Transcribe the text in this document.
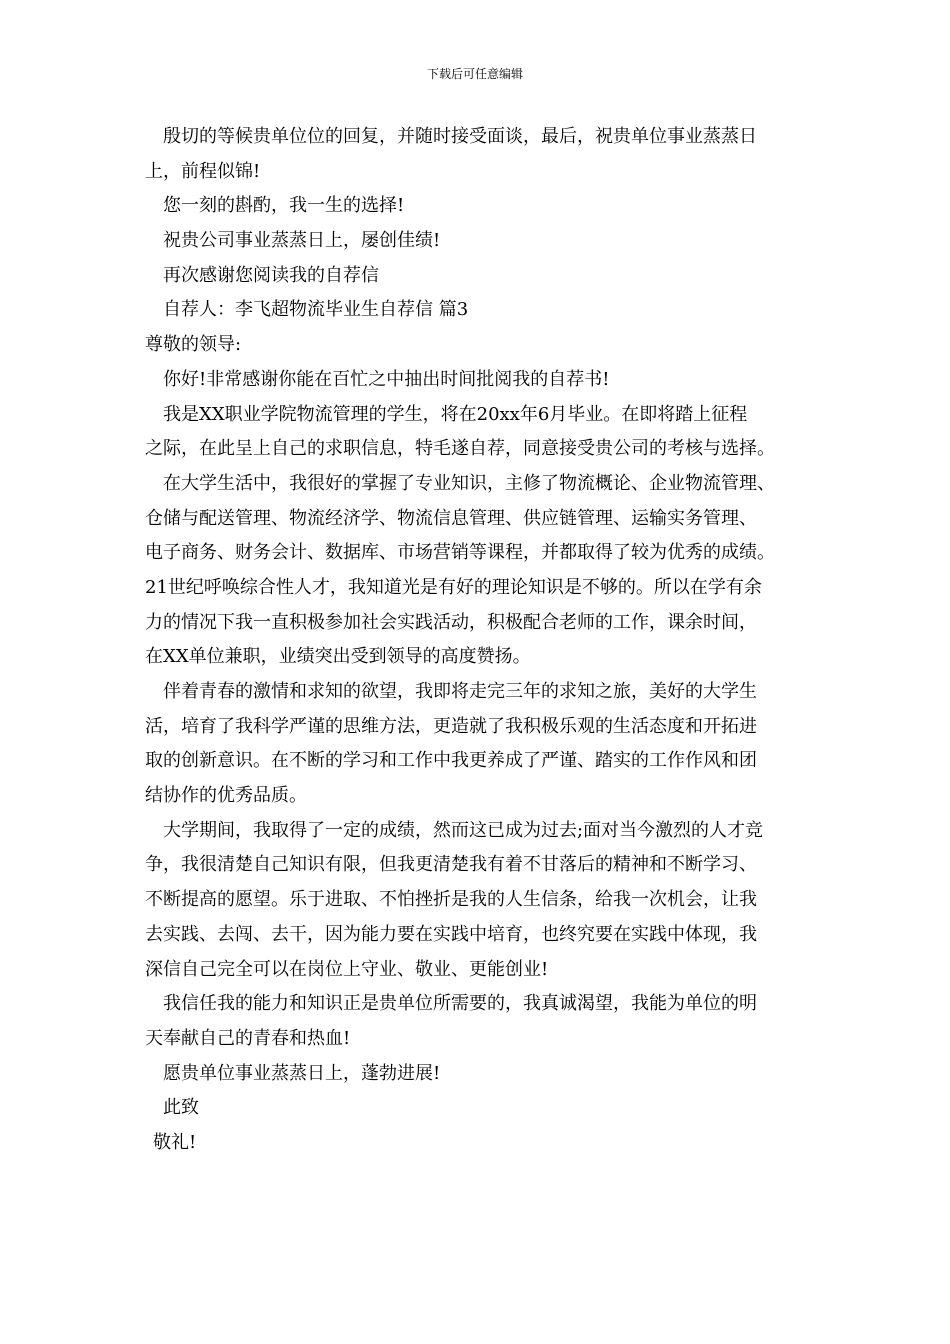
下载后可任意编辑
殷切的等候贵单位位的回复，并随时接受面谈，最后，祝贵单位事业蒸蒸日
上，前程似锦!
您一刻的斟酌，我一生的选择!
祝贵公司事业蒸蒸日上，屡创佳绩!
再次感谢您阅读我的自荐信
自荐人：李飞超物流毕业生自荐信 篇3
尊敬的领导:
你好!非常感谢你能在百忙之中抽出时间批阅我的自荐书!
我是XX职业学院物流管理的学生，将在20xx年6月毕业。在即将踏上征程
之际，在此呈上自己的求职信息，特毛遂自荐，同意接受贵公司的考核与选择。
在大学生活中，我很好的掌握了专业知识，主修了物流概论、企业物流管理、
仓储与配送管理、物流经济学、物流信息管理、供应链管理、运输实务管理、
电子商务、财务会计、数据库、市场营销等课程，并都取得了较为优秀的成绩。
21世纪呼唤综合性人才，我知道光是有好的理论知识是不够的。所以在学有余
力的情况下我一直积极参加社会实践活动，积极配合老师的工作，课余时间，
在XX单位兼职，业绩突出受到领导的高度赞扬。
伴着青春的激情和求知的欲望，我即将走完三年的求知之旅，美好的大学生
活，培育了我科学严谨的思维方法，更造就了我积极乐观的生活态度和开拓进
取的创新意识。在不断的学习和工作中我更养成了严谨、踏实的工作作风和团
结协作的优秀品质。
大学期间，我取得了一定的成绩，然而这已成为过去;面对当今激烈的人才竞
争，我很清楚自己知识有限，但我更清楚我有着不甘落后的精神和不断学习、
不断提高的愿望。乐于进取、不怕挫折是我的人生信条，给我一次机会，让我
去实践、去闯、去干，因为能力要在实践中培育，也终究要在实践中体现，我
深信自己完全可以在岗位上守业、敬业、更能创业!
我信任我的能力和知识正是贵单位所需要的，我真诚渴望，我能为单位的明
天奉献自己的青春和热血!
愿贵单位事业蒸蒸日上，蓬勃进展!
此致
敬礼!
